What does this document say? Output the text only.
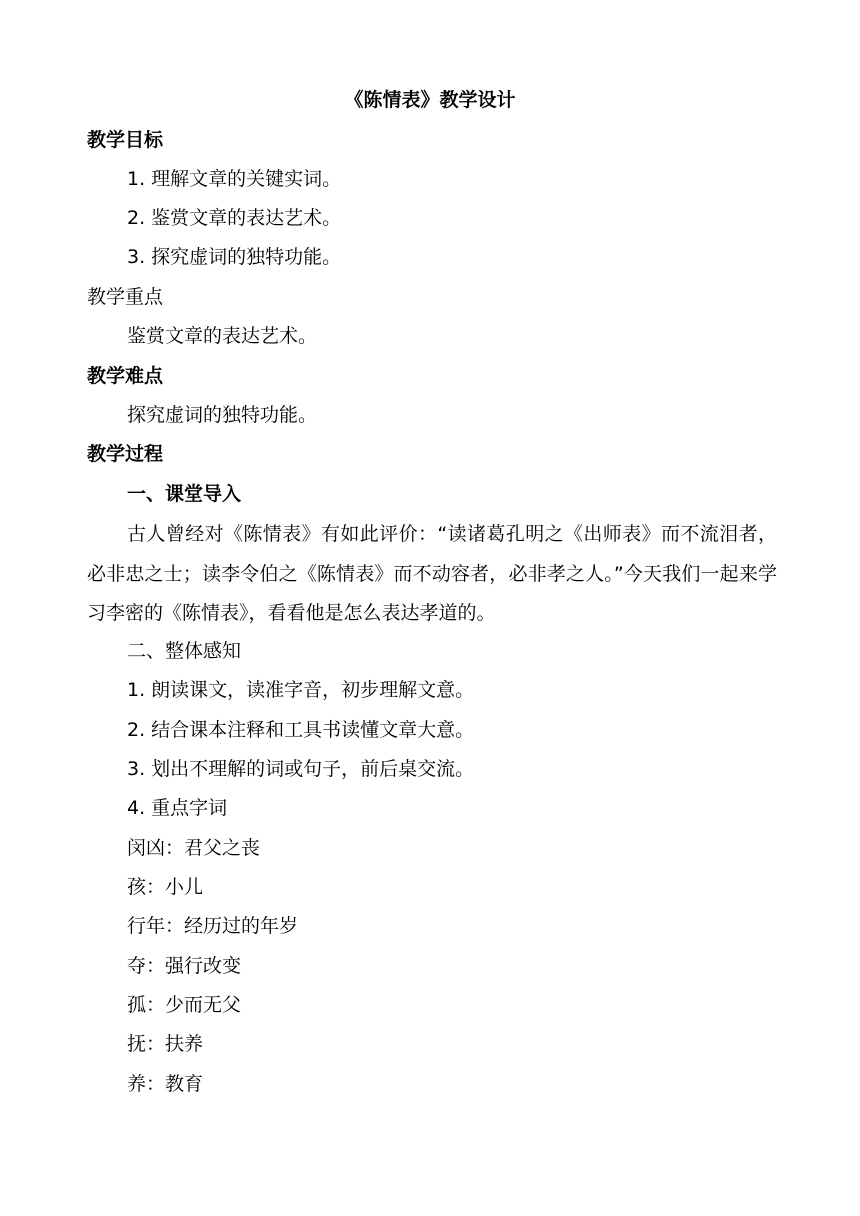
《陈情表》教学设计
教学目标
1. 理解文章的关键实词。
2. 鉴赏文章的表达艺术。
3. 探究虚词的独特功能。
教学重点
鉴赏文章的表达艺术。
教学难点
探究虚词的独特功能。
教学过程
一、课堂导入
古人曾经对《陈情表》有如此评价：“读诸葛孔明之《出师表》而不流泪者，必非忠之士；读李令伯之《陈情表》而不动容者，必非孝之人。”今天我们一起来学习李密的《陈情表》，看看他是怎么表达孝道的。
二、整体感知
1. 朗读课文，读准字音，初步理解文意。
2. 结合课本注释和工具书读懂文章大意。
3. 划出不理解的词或句子，前后桌交流。
4. 重点字词
闵凶：君父之丧
孩：小儿
行年：经历过的年岁
夺：强行改变
孤：少而无父
抚：扶养
养：教育
